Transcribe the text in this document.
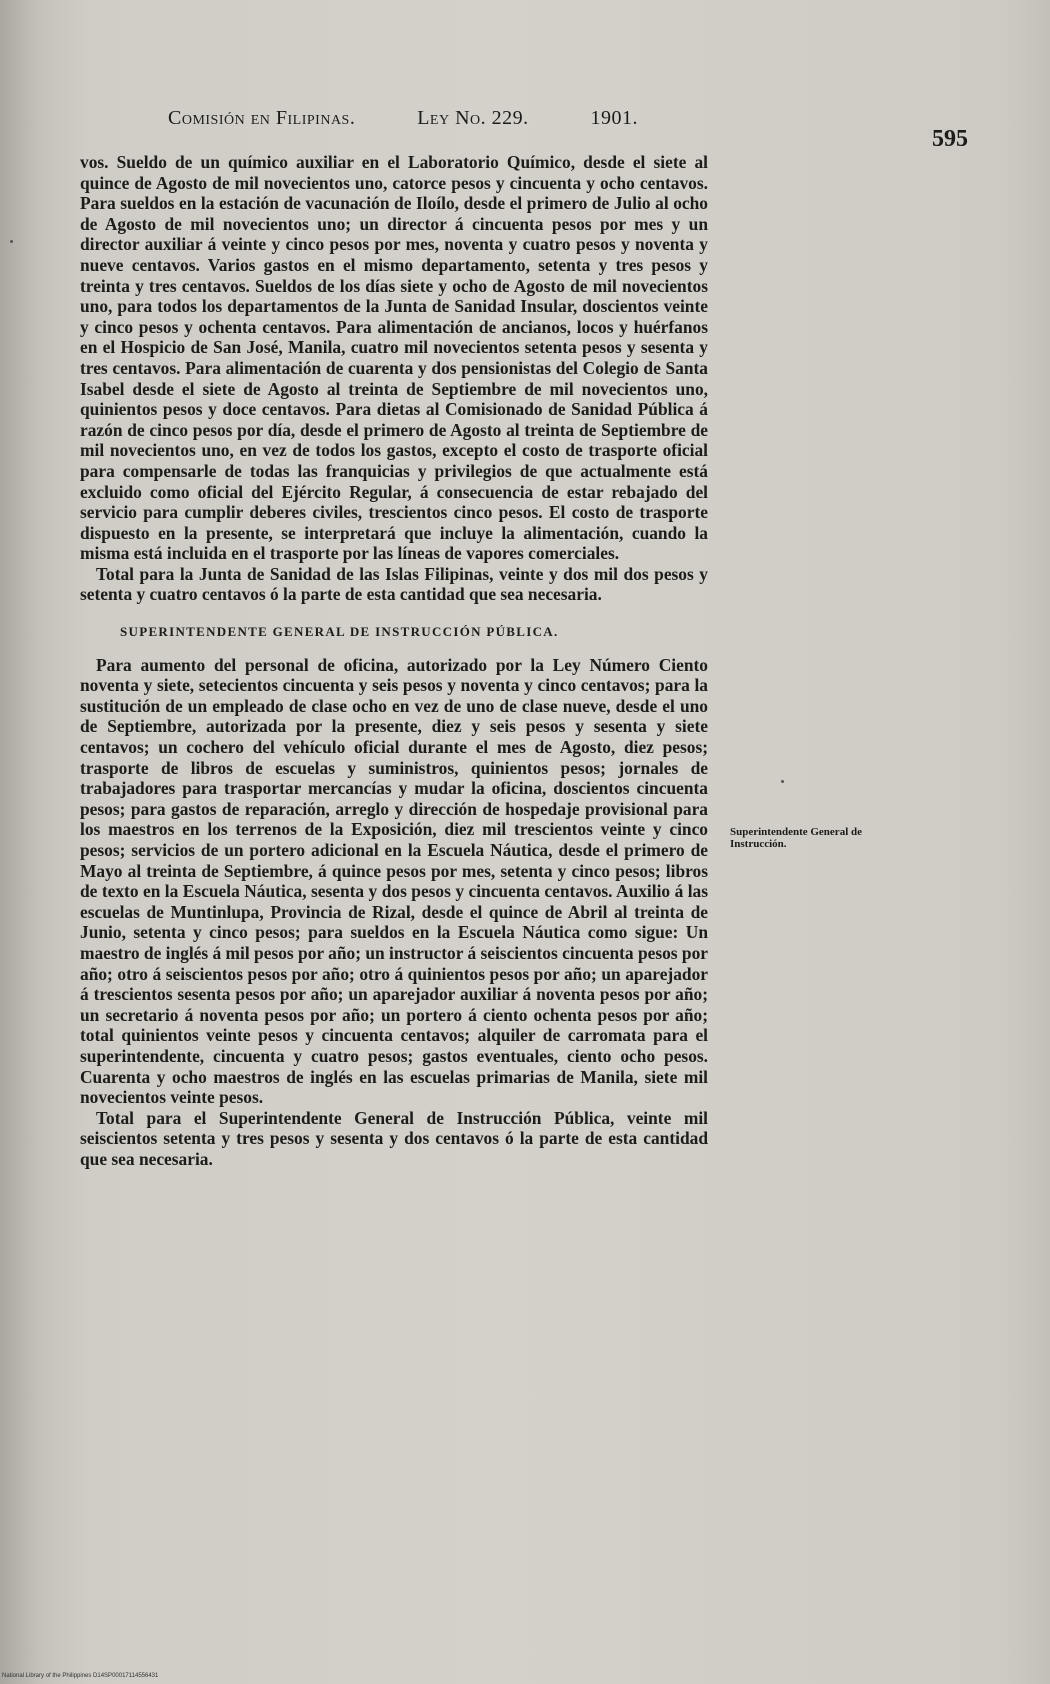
Comisión en Filipinas.	Ley No. 229.	1901.
595

vos. Sueldo de un químico auxiliar en el Laboratorio Químico, desde el siete al quince de Agosto de mil novecientos uno, catorce pesos y cincuenta y ocho centavos. Para sueldos en la estación de vacunación de Iloílo, desde el primero de Julio al ocho de Agosto de mil novecientos uno; un director á cincuenta pesos por mes y un director auxiliar á veinte y cinco pesos por mes, noventa y cuatro pesos y noventa y nueve centavos. Varios gastos en el mismo departamento, setenta y tres pesos y treinta y tres centavos. Sueldos de los días siete y ocho de Agosto de mil novecientos uno, para todos los departamentos de la Junta de Sanidad Insular, doscientos veinte y cinco pesos y ochenta centavos. Para alimentación de ancianos, locos y huérfanos en el Hospicio de San José, Manila, cuatro mil novecientos setenta pesos y sesenta y tres centavos. Para alimentación de cuarenta y dos pensionistas del Colegio de Santa Isabel desde el siete de Agosto al treinta de Septiembre de mil novecientos uno, quinientos pesos y doce centavos. Para dietas al Comisionado de Sanidad Pública á razón de cinco pesos por día, desde el primero de Agosto al treinta de Septiembre de mil novecientos uno, en vez de todos los gastos, excepto el costo de trasporte oficial para compensarle de todas las franquicias y privilegios de que actualmente está excluido como oficial del Ejército Regular, á consecuencia de estar rebajado del servicio para cumplir deberes civiles, trescientos cinco pesos. El costo de trasporte dispuesto en la presente, se interpretará que incluye la alimentación, cuando la misma está incluida en el trasporte por las líneas de vapores comerciales.

Total para la Junta de Sanidad de las Islas Filipinas, veinte y dos mil dos pesos y setenta y cuatro centavos ó la parte de esta cantidad que sea necesaria.

SUPERINTENDENTE GENERAL DE INSTRUCCIÓN PÚBLICA.

Para aumento del personal de oficina, autorizado por la Ley Número Ciento noventa y siete, setecientos cincuenta y seis pesos y noventa y cinco centavos; para la sustitución de un empleado de clase ocho en vez de uno de clase nueve, desde el uno de Septiembre, autorizada por la presente, diez y seis pesos y sesenta y siete centavos; un cochero del vehículo oficial durante el mes de Agosto, diez pesos; trasporte de libros de escuelas y suministros, quinientos pesos; jornales de trabajadores para trasportar mercancías y mudar la oficina, doscientos cincuenta pesos; para gastos de reparación, arreglo y dirección de hospedaje provisional para los maestros en los terrenos de la Exposición, diez mil trescientos veinte y cinco pesos; servicios de un portero adicional en la Escuela Náutica, desde el primero de Mayo al treinta de Septiembre, á quince pesos por mes, setenta y cinco pesos; libros de texto en la Escuela Náutica, sesenta y dos pesos y cincuenta centavos. Auxilio á las escuelas de Muntinlupa, Provincia de Rizal, desde el quince de Abril al treinta de Junio, setenta y cinco pesos; para sueldos en la Escuela Náutica como sigue: Un maestro de inglés á mil pesos por año; un instructor á seiscientos cincuenta pesos por año; otro á seiscientos pesos por año; otro á quinientos pesos por año; un aparejador á trescientos sesenta pesos por año; un aparejador auxiliar á noventa pesos por año; un secretario á noventa pesos por año; un portero á ciento ochenta pesos por año; total quinientos veinte pesos y cincuenta centavos; alquiler de carromata para el superintendente, cincuenta y cuatro pesos; gastos eventuales, ciento ocho pesos. Cuarenta y ocho maestros de inglés en las escuelas primarias de Manila, siete mil novecientos veinte pesos.

Total para el Superintendente General de Instrucción Pública, veinte mil seiscientos setenta y tres pesos y sesenta y dos centavos ó la parte de esta cantidad que sea necesaria.

Superintendente General de Instrucción.
National Library of the Philippines D14SP00017114556431
